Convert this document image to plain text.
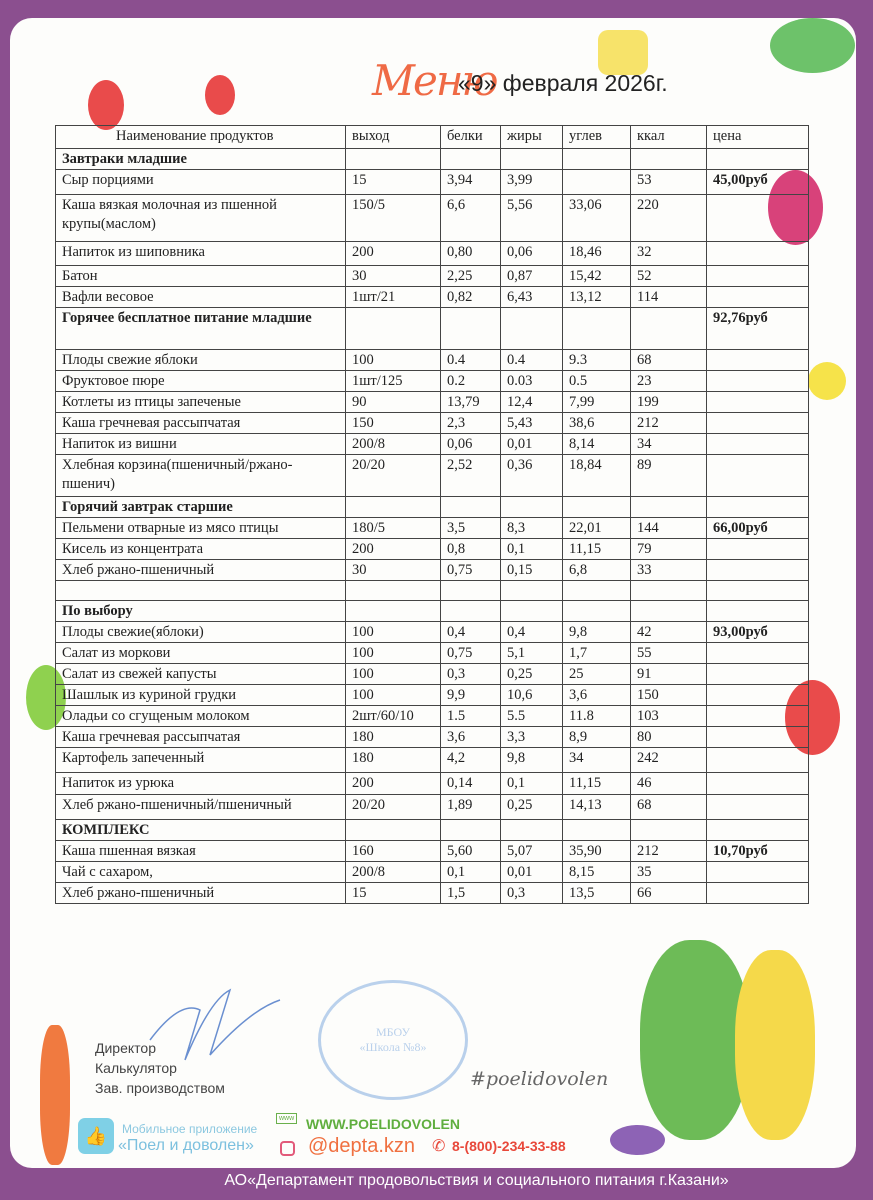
Меню
«9» февраля 2026г.
Наименование продуктов	выход	белки	жиры	углев	ккал	цена
Завтраки младшие						
Сыр порциями	15	3,94	3,99		53	45,00руб
Каша вязкая молочная из пшенной крупы(маслом)	150/5	6,6	5,56	33,06	220	
Напиток из шиповника	200	0,80	0,06	18,46	32	
Батон	30	2,25	0,87	15,42	52	
Вафли весовое	1шт/21	0,82	6,43	13,12	114	
Горячее бесплатное питание младшие						92,76руб
Плоды свежие яблоки	100	0.4	0.4	9.3	68	
Фруктовое пюре	1шт/125	0.2	0.03	0.5	23	
Котлеты из птицы запеченые	90	13,79	12,4	7,99	199	
Каша гречневая рассыпчатая	150	2,3	5,43	38,6	212	
Напиток из вишни	200/8	0,06	0,01	8,14	34	
Хлебная корзина(пшеничный/ржано-пшенич)	20/20	2,52	0,36	18,84	89	
Горячий завтрак старшие						
Пельмени отварные из мясо птицы	180/5	3,5	8,3	22,01	144	66,00руб
Кисель из концентрата	200	0,8	0,1	11,15	79	
Хлеб ржано-пшеничный	30	0,75	0,15	6,8	33	

По выбору						
Плоды свежие(яблоки)	100	0,4	0,4	9,8	42	93,00руб
Салат из моркови	100	0,75	5,1	1,7	55	
Салат из свежей капусты	100	0,3	0,25	25	91	
Шашлык из куриной грудки	100	9,9	10,6	3,6	150	
Оладьи со сгущеным молоком	2шт/60/10	1.5	5.5	11.8	103	
Каша гречневая рассыпчатая	180	3,6	3,3	8,9	80	
Картофель запеченный	180	4,2	9,8	34	242	
Напиток из урюка	200	0,14	0,1	11,15	46	
Хлеб ржано-пшеничный/пшеничный	20/20	1,89	0,25	14,13	68	
КОМПЛЕКС						
Каша пшенная вязкая	160	5,60	5,07	35,90	212	10,70руб
Чай с сахаром,	200/8	0,1	0,01	8,15	35	
Хлеб ржано-пшеничный	15	1,5	0,3	13,5	66	
МБОУ
«Школа №8»
Директор
Калькулятор
Зав. производством	#poelidovolen
👍	Мобильное приложение
«Поел и доволен»
www WWW.POELIDOVOLEN
@depta.kzn ✆ 8-(800)-234-33-88
АО«Департамент продовольствия и социального питания г.Казани»
